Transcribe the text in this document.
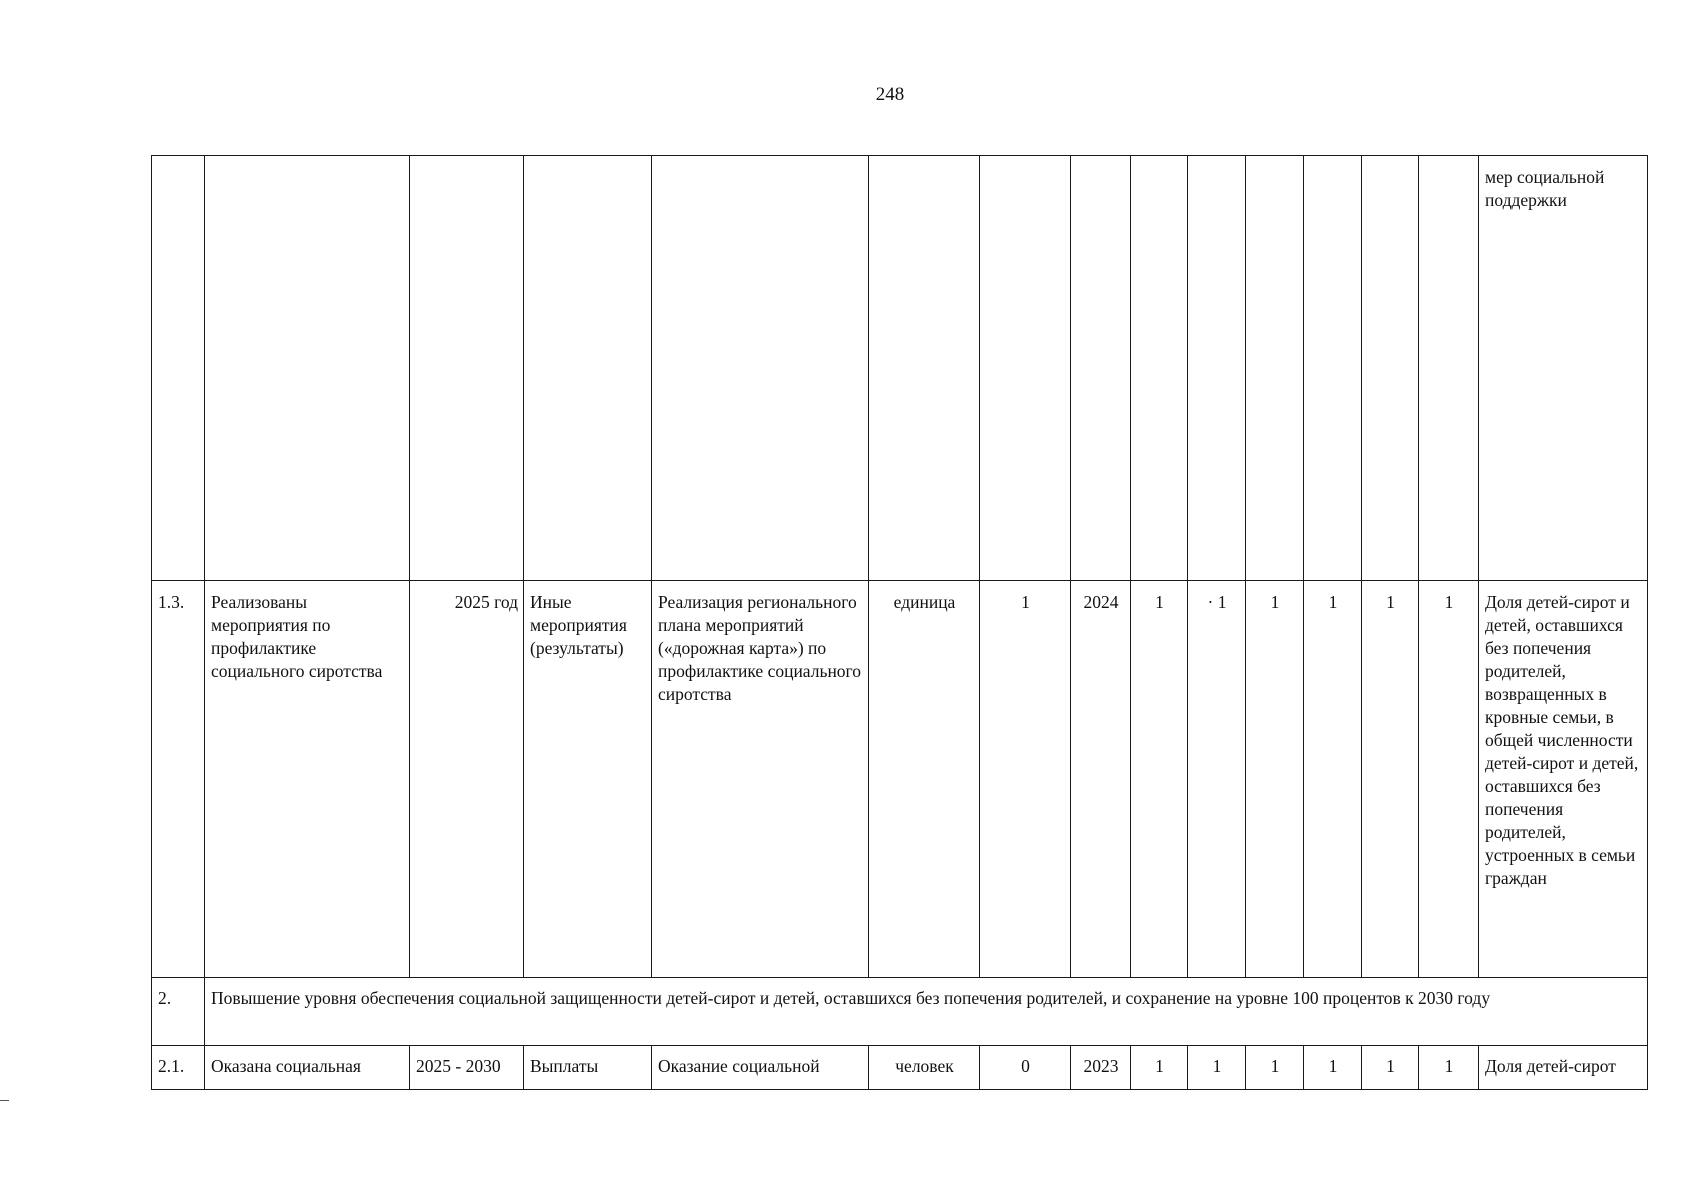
248
														мер социальной поддержки
1.3.	Реализованы мероприятия по профилактике социального сиротства	2025 год	Иные мероприятия (результаты)	Реализация регионального плана мероприятий («дорожная карта») по профилактике социального сиротства	единица	1	2024	1	· 1	1	1	1	1	Доля детей-сирот и детей, оставшихся без попечения родителей, возвращенных в кровные семьи, в общей численности детей-сирот и детей, оставшихся без попечения родителей, устроенных в семьи граждан
2.	Повышение уровня обеспечения социальной защищенности детей-сирот и детей, оставшихся без попечения родителей, и сохранение на уровне 100 процентов к 2030 году													
2.1.	Оказана социальная	2025 - 2030	Выплаты	Оказание социальной	человек	0	2023	1	1	1	1	1	1	Доля детей-сирот
